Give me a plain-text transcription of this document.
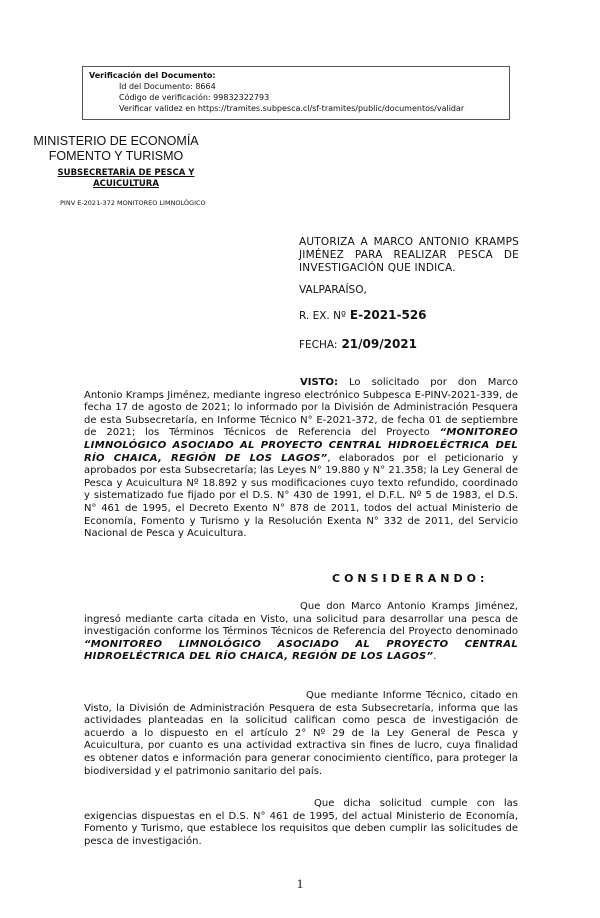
Verificación del Documento:
• Id del Documento: 8664
• Código de verificación: 99832322793
• Verificar validez en https://tramites.subpesca.cl/sf-tramites/public/documentos/validar
MINISTERIO DE ECONOMÍA
FOMENTO Y TURISMO
SUBSECRETARÍA DE PESCA Y ACUICULTURA
PINV E-2021-372 MONITOREO LIMNOLÓGICO
AUTORIZA A MARCO ANTONIO KRAMPS JIMÉNEZ PARA REALIZAR PESCA DE INVESTIGACIÓN QUE INDICA.
VALPARAÍSO,
R. EX. Nº E-2021-526
FECHA: 21/09/2021
VISTO: Lo solicitado por don Marco Antonio Kramps Jiménez, mediante ingreso electrónico Subpesca E-PINV-2021-339, de fecha 17 de agosto de 2021; lo informado por la División de Administración Pesquera de esta Subsecretaría, en Informe Técnico N° E-2021-372, de fecha 01 de septiembre de 2021; los Términos Técnicos de Referencia del Proyecto “MONITOREO LIMNOLÓGICO ASOCIADO AL PROYECTO CENTRAL HIDROELÉCTRICA DEL RÍO CHAICA, REGIÓN DE LOS LAGOS”, elaborados por el peticionario y aprobados por esta Subsecretaría; las Leyes N° 19.880 y N° 21.358; la Ley General de Pesca y Acuicultura Nº 18.892 y sus modificaciones cuyo texto refundido, coordinado y sistematizado fue fijado por el D.S. N° 430 de 1991, el D.F.L. Nº 5 de 1983, el D.S. N° 461 de 1995, el Decreto Exento N° 878 de 2011, todos del actual Ministerio de Economía, Fomento y Turismo y la Resolución Exenta N° 332 de 2011, del Servicio Nacional de Pesca y Acuicultura.
CONSIDERANDO:
Que don Marco Antonio Kramps Jiménez, ingresó mediante carta citada en Visto, una solicitud para desarrollar una pesca de investigación conforme los Términos Técnicos de Referencia del Proyecto denominado “MONITOREO LIMNOLÓGICO ASOCIADO AL PROYECTO CENTRAL HIDROELÉCTRICA DEL RÍO CHAICA, REGIÓN DE LOS LAGOS”.
Que mediante Informe Técnico, citado en Visto, la División de Administración Pesquera de esta Subsecretaría, informa que las actividades planteadas en la solicitud califican como pesca de investigación de acuerdo a lo dispuesto en el artículo 2° Nº 29 de la Ley General de Pesca y Acuicultura, por cuanto es una actividad extractiva sin fines de lucro, cuya finalidad es obtener datos e información para generar conocimiento científico, para proteger la biodiversidad y el patrimonio sanitario del país.
Que dicha solicitud cumple con las exigencias dispuestas en el D.S. N° 461 de 1995, del actual Ministerio de Economía, Fomento y Turismo, que establece los requisitos que deben cumplir las solicitudes de pesca de investigación.
1
